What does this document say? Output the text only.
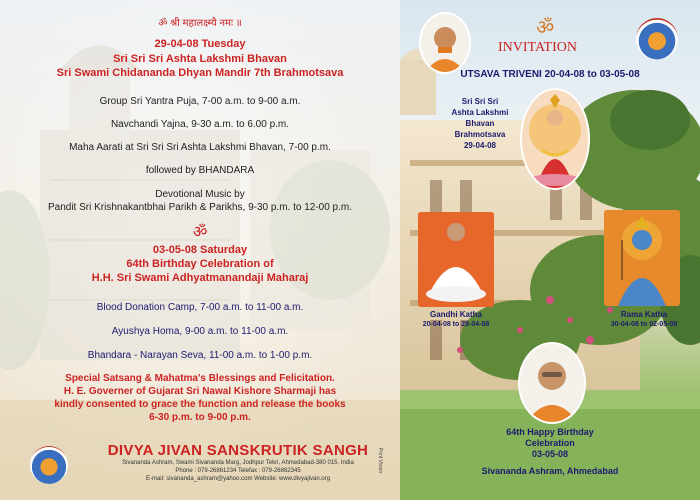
ॐ श्री महालक्ष्म्यै नमः ॥
29-04-08 Tuesday
Sri Sri Sri Ashta Lakshmi Bhavan
Sri Swami Chidananda Dhyan Mandir 7th Brahmotsava
Group Sri Yantra Puja, 7-00 a.m. to 9-00 a.m.
Navchandi Yajna, 9-30 a.m. to 6.00 p.m.
Maha Aarati at Sri Sri Sri Ashta Lakshmi Bhavan, 7-00 p.m.
followed by BHANDARA
Devotional Music by
Pandit Sri Krishnakantbhai Parikh & Parikhs, 9-30 p.m. to 12-00 p.m.
ॐ
03-05-08 Saturday
64th Birthday Celebration of
H.H. Sri Swami Adhyatmanandaji Maharaj
Blood Donation Camp, 7-00 a.m. to 11-00 a.m.
Ayushya Homa, 9-00 a.m. to 11-00 a.m.
Bhandara - Narayan Seva, 11-00 a.m. to 1-00 p.m.
Special Satsang & Mahatma's Blessings and Felicitation.
H. E. Governer of Gujarat Sri Nawal Kishore Sharmaji has
kindly consented to grace the function and release the books
6-30 p.m. to 9-00 p.m.
DIVYA JIVAN SANSKRUTIK SANGH
Sivananda Ashram, Swami Sivananda Marg, Jodhpur Tekri, Ahmedabad-380 015, India
Phone : 079-26861234 Telefax : 079-26862345
E-mail: sivananda_ashram@yahoo.com Website: www.divyajivan.org
Print Vision
ॐ
INVITATION
UTSAVA TRIVENI 20-04-08 to 03-05-08
Sri Sri Sri
Ashta Lakshmi
Bhavan
Brahmotsava
29-04-08
Gandhi Katha
20-04-08 to 28-04-08
Rama Katha
30-04-08 to 02-05-08
64th Happy Birthday
Celebration
03-05-08
Sivananda Ashram, Ahmedabad
